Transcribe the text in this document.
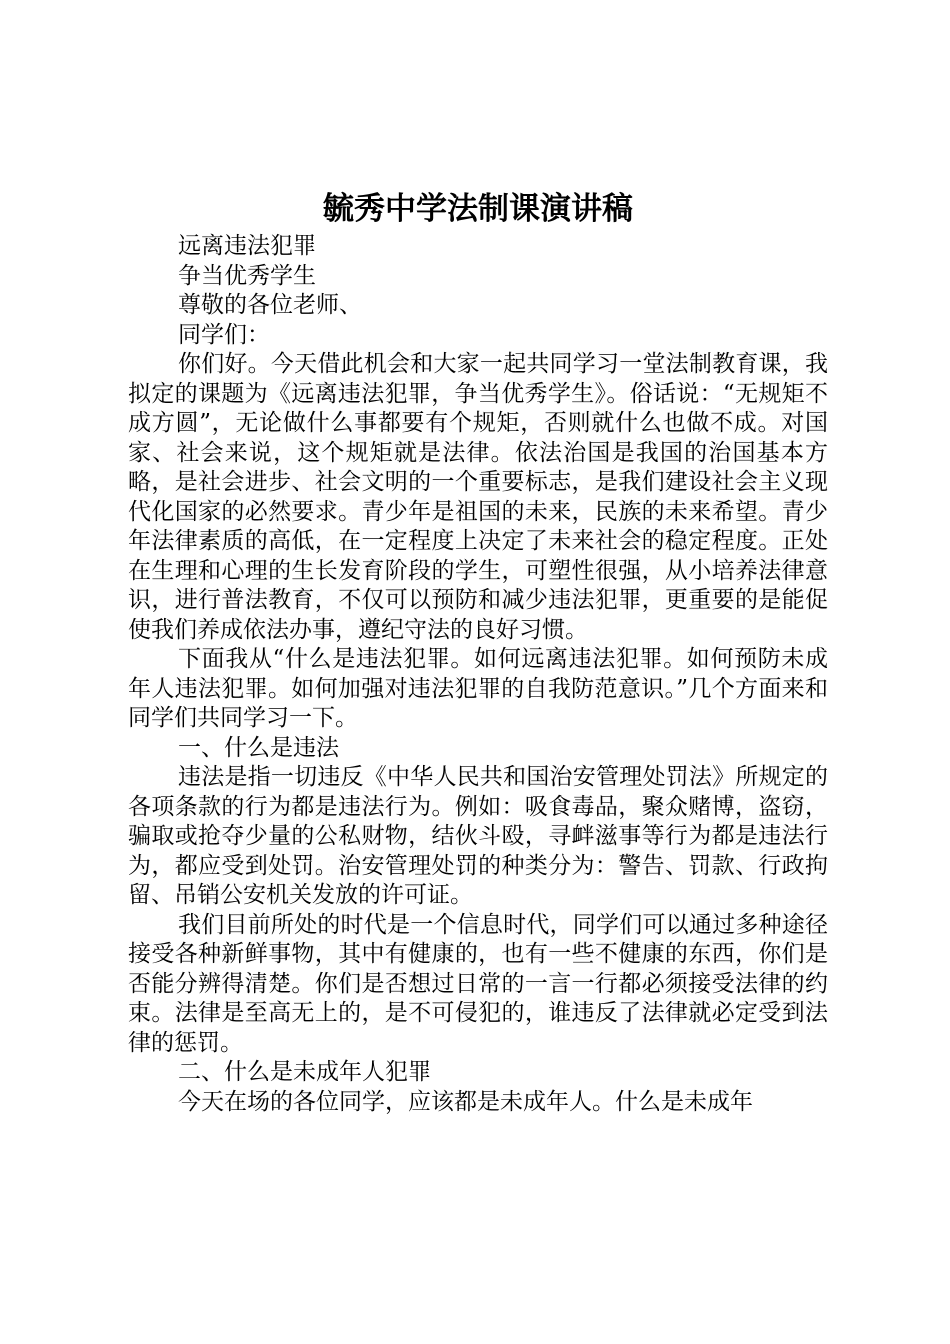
毓秀中学法制课演讲稿

远离违法犯罪

争当优秀学生

尊敬的各位老师、

同学们：

你们好。今天借此机会和大家一起共同学习一堂法制教育课，我拟定的课题为《远离违法犯罪，争当优秀学生》。俗话说：“无规矩不成方圆”，无论做什么事都要有个规矩，否则就什么也做不成。对国家、社会来说，这个规矩就是法律。依法治国是我国的治国基本方略，是社会进步、社会文明的一个重要标志，是我们建设社会主义现代化国家的必然要求。青少年是祖国的未来，民族的未来希望。青少年法律素质的高低，在一定程度上决定了未来社会的稳定程度。正处在生理和心理的生长发育阶段的学生，可塑性很强，从小培养法律意识，进行普法教育，不仅可以预防和减少违法犯罪，更重要的是能促使我们养成依法办事，遵纪守法的良好习惯。

下面我从“什么是违法犯罪。如何远离违法犯罪。如何预防未成年人违法犯罪。如何加强对违法犯罪的自我防范意识。”几个方面来和同学们共同学习一下。

一、什么是违法

违法是指一切违反《中华人民共和国治安管理处罚法》所规定的各项条款的行为都是违法行为。例如：吸食毒品，聚众赌博，盗窃，骗取或抢夺少量的公私财物，结伙斗殴，寻衅滋事等行为都是违法行为，都应受到处罚。治安管理处罚的种类分为：警告、罚款、行政拘留、吊销公安机关发放的许可证。

我们目前所处的时代是一个信息时代，同学们可以通过多种途径接受各种新鲜事物，其中有健康的，也有一些不健康的东西，你们是否能分辨得清楚。你们是否想过日常的一言一行都必须接受法律的约束。法律是至高无上的，是不可侵犯的，谁违反了法律就必定受到法律的惩罚。

二、什么是未成年人犯罪

今天在场的各位同学，应该都是未成年人。什么是未成年
